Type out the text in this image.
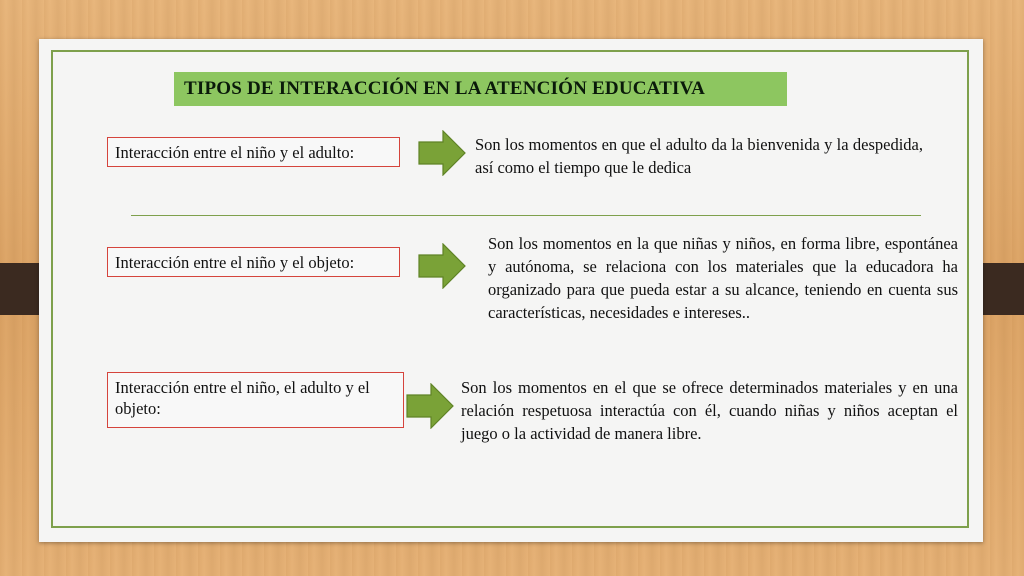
TIPOS DE INTERACCIÓN EN LA ATENCIÓN EDUCATIVA
Interacción entre el niño y el adulto:	Son los momentos en que el adulto da la bienvenida y la despedida, así como el tiempo que le dedica
Interacción entre el niño y el objeto:
Son los momentos en la que niñas y niños, en forma libre, espontánea y autónoma, se relaciona con los materiales que la educadora ha organizado para que pueda estar a su alcance, teniendo en cuenta sus características, necesidades e intereses..
Interacción entre el niño, el adulto y el objeto:
Son los momentos en el que se ofrece determinados materiales y en una relación respetuosa interactúa con él, cuando niñas y niños aceptan el juego o la actividad de manera libre.
